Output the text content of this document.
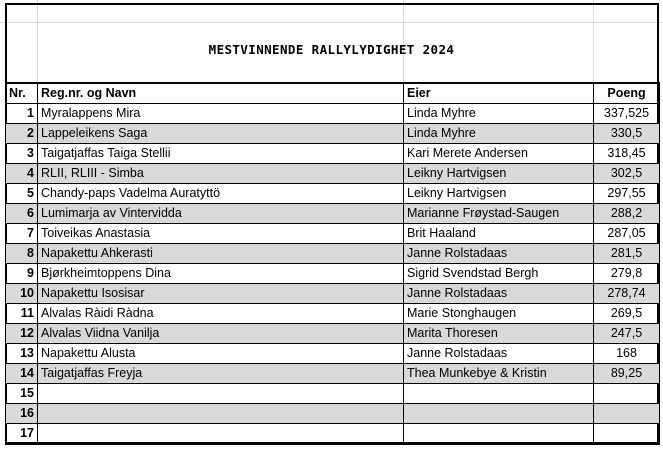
MESTVINNENDE RALLYLYDIGHET 2024
Nr.	Reg.nr. og Navn	Eier	Poeng
1	Myralappens Mira	Linda Myhre	337,525
2	Lappeleikens Saga	Linda Myhre	330,5
3	Taigatjaffas Taiga Stellii	Kari Merete Andersen	318,45
4	RLII, RLIII - Simba	Leikny Hartvigsen	302,5
5	Chandy-paps Vadelma Auratyttö	Leikny Hartvigsen	297,55
6	Lumimarja av Vintervidda	Marianne Frøystad-Saugen	288,2
7	Toiveikas Anastasia	Brit Haaland	287,05
8	Napakettu Ahkerasti	Janne Rolstadaas	281,5
9	Bjørkheimtoppens Dina	Sigrid Svendstad Bergh	279,8
10	Napakettu Isosisar	Janne Rolstadaas	278,74
11	Alvalas Ràidi Ràdna	Marie Stonghaugen	269,5
12	Alvalas Viidna Vanilja	Marita Thoresen	247,5
13	Napakettu Alusta	Janne Rolstadaas	168
14	Taigatjaffas Freyja	Thea Munkebye & Kristin	89,25
15			
16			
17			
